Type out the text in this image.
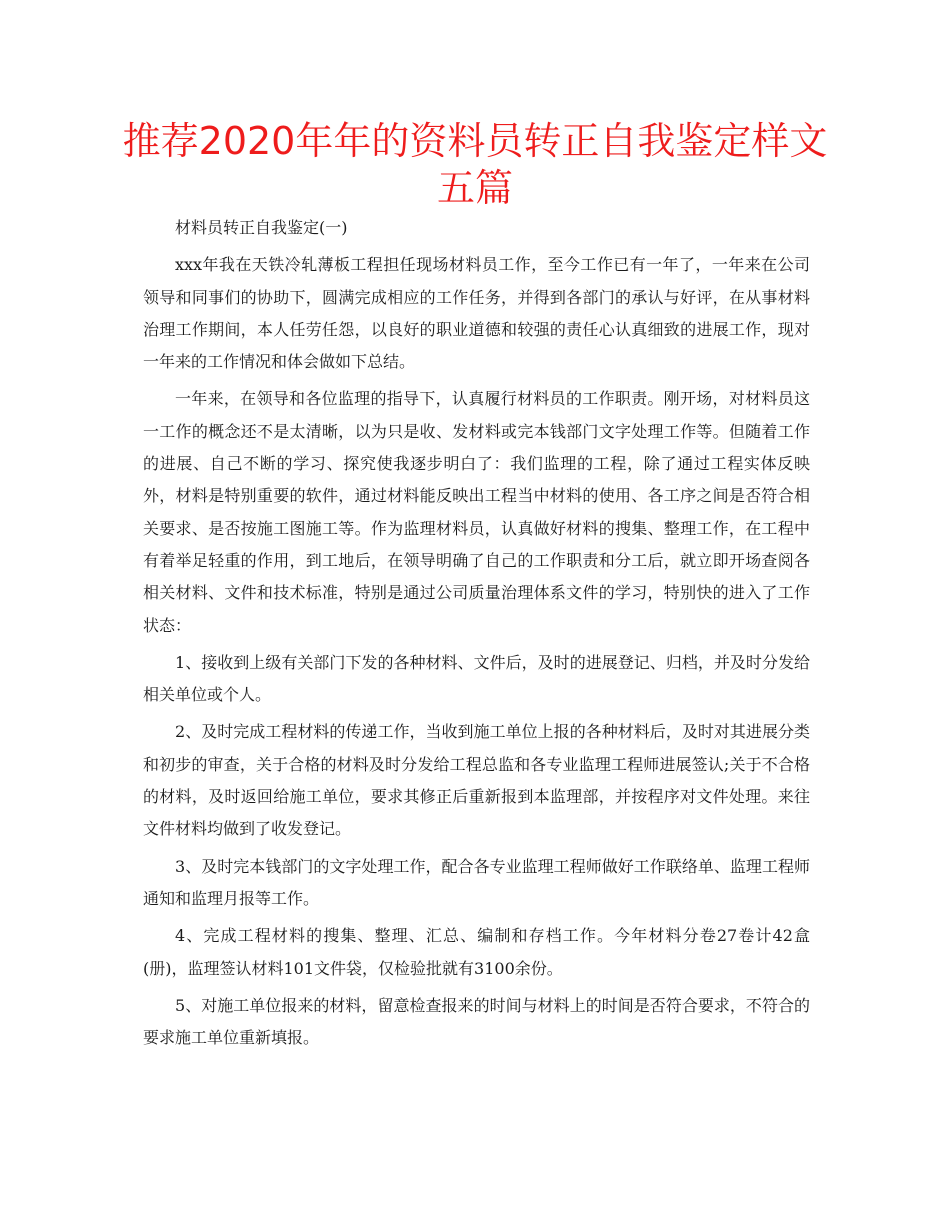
推荐2020年年的资料员转正自我鉴定样文五篇

材料员转正自我鉴定(一)

xxx年我在天铁冷轧薄板工程担任现场材料员工作，至今工作已有一年了，一年来在公司领导和同事们的协助下，圆满完成相应的工作任务，并得到各部门的承认与好评，在从事材料治理工作期间，本人任劳任怨，以良好的职业道德和较强的责任心认真细致的进展工作，现对一年来的工作情况和体会做如下总结。

一年来，在领导和各位监理的指导下，认真履行材料员的工作职责。刚开场，对材料员这一工作的概念还不是太清晰，以为只是收、发材料或完本钱部门文字处理工作等。但随着工作的进展、自己不断的学习、探究使我逐步明白了：我们监理的工程，除了通过工程实体反映外，材料是特别重要的软件，通过材料能反映出工程当中材料的使用、各工序之间是否符合相关要求、是否按施工图施工等。作为监理材料员，认真做好材料的搜集、整理工作，在工程中有着举足轻重的作用，到工地后，在领导明确了自己的工作职责和分工后，就立即开场查阅各相关材料、文件和技术标准，特别是通过公司质量治理体系文件的学习，特别快的进入了工作状态：

1、接收到上级有关部门下发的各种材料、文件后，及时的进展登记、归档，并及时分发给相关单位或个人。

2、及时完成工程材料的传递工作，当收到施工单位上报的各种材料后，及时对其进展分类和初步的审查，关于合格的材料及时分发给工程总监和各专业监理工程师进展签认;关于不合格的材料，及时返回给施工单位，要求其修正后重新报到本监理部，并按程序对文件处理。来往文件材料均做到了收发登记。

3、及时完本钱部门的文字处理工作，配合各专业监理工程师做好工作联络单、监理工程师通知和监理月报等工作。

4、完成工程材料的搜集、整理、汇总、编制和存档工作。今年材料分卷27卷计42盒(册)，监理签认材料101文件袋，仅检验批就有3100余份。

5、对施工单位报来的材料，留意检查报来的时间与材料上的时间是否符合要求，不符合的要求施工单位重新填报。
